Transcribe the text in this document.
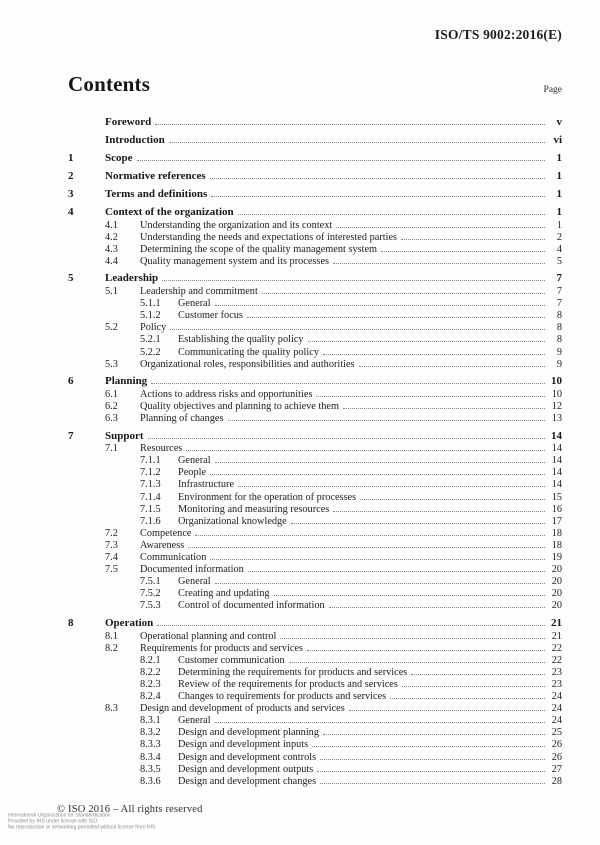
ISO/TS 9002:2016(E)
Contents	Page
Foreword	v
Introduction	vi
1	Scope	1
2	Normative references	1
3	Terms and definitions	1
4	Context of the organization	1
4.1	Understanding the organization and its context	1
4.2	Understanding the needs and expectations of interested parties	2
4.3	Determining the scope of the quality management system	4
4.4	Quality management system and its processes	5
5	Leadership	7
5.1	Leadership and commitment	7
5.1.1	General	7
5.1.2	Customer focus	8
5.2	Policy	8
5.2.1	Establishing the quality policy	8
5.2.2	Communicating the quality policy	9
5.3	Organizational roles, responsibilities and authorities	9
6	Planning	10
6.1	Actions to address risks and opportunities	10
6.2	Quality objectives and planning to achieve them	12
6.3	Planning of changes	13
7	Support	14
7.1	Resources	14
7.1.1	General	14
7.1.2	People	14
7.1.3	Infrastructure	14
7.1.4	Environment for the operation of processes	15
7.1.5	Monitoring and measuring resources	16
7.1.6	Organizational knowledge	17
7.2	Competence	18
7.3	Awareness	18
7.4	Communication	19
7.5	Documented information	20
7.5.1	General	20
7.5.2	Creating and updating	20
7.5.3	Control of documented information	20
8	Operation	21
8.1	Operational planning and control	21
8.2	Requirements for products and services	22
8.2.1	Customer communication	22
8.2.2	Determining the requirements for products and services	23
8.2.3	Review of the requirements for products and services	23
8.2.4	Changes to requirements for products and services	24
8.3	Design and development of products and services	24
8.3.1	General	24
8.3.2	Design and development planning	25
8.3.3	Design and development inputs	26
8.3.4	Design and development controls	26
8.3.5	Design and development outputs	27
8.3.6	Design and development changes	28
© ISO 2016 – All rights reserved
International Organization for Standardization
Provided by IHS under license with ISO
No reproduction or networking permitted without license from IHS
